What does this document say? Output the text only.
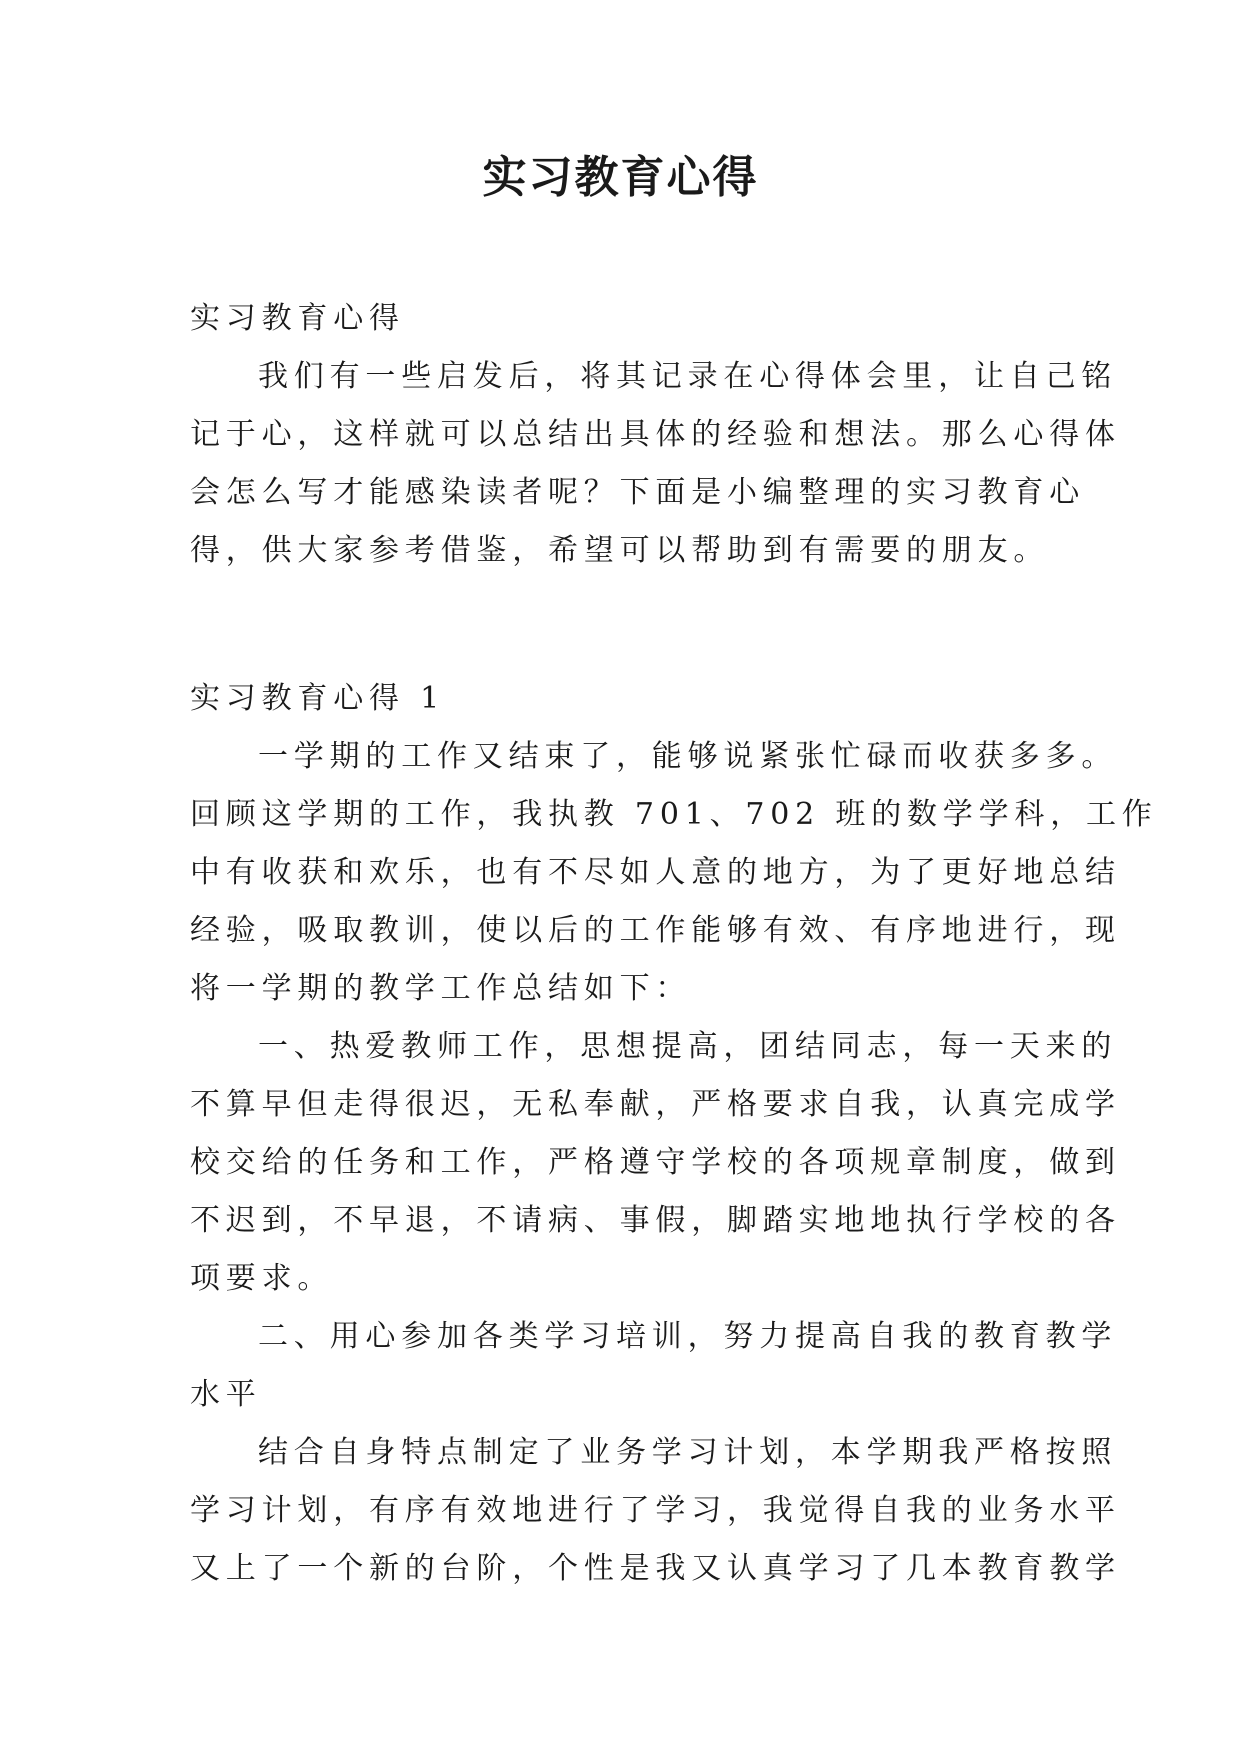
实习教育心得

实习教育心得

我们有一些启发后，将其记录在心得体会里，让自己铭

记于心，这样就可以总结出具体的经验和想法。那么心得体

会怎么写才能感染读者呢？下面是小编整理的实习教育心

得，供大家参考借鉴，希望可以帮助到有需要的朋友。

实习教育心得 1

一学期的工作又结束了，能够说紧张忙碌而收获多多。

回顾这学期的工作，我执教 701、702 班的数学学科，工作

中有收获和欢乐，也有不尽如人意的地方，为了更好地总结

经验，吸取教训，使以后的工作能够有效、有序地进行，现

将一学期的教学工作总结如下：

一、热爱教师工作，思想提高，团结同志，每一天来的

不算早但走得很迟，无私奉献，严格要求自我，认真完成学

校交给的任务和工作，严格遵守学校的各项规章制度，做到

不迟到，不早退，不请病、事假，脚踏实地地执行学校的各

项要求。

二、用心参加各类学习培训，努力提高自我的教育教学

水平

结合自身特点制定了业务学习计划，本学期我严格按照

学习计划，有序有效地进行了学习，我觉得自我的业务水平

又上了一个新的台阶，个性是我又认真学习了几本教育教学
